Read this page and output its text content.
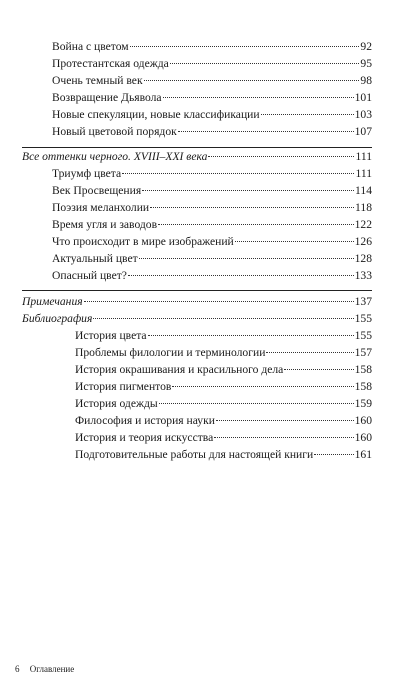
Война с цветом	92
Протестантская одежда	95
Очень темный век	98
Возвращение Дьявола	101
Новые спекуляции, новые классификации	103
Новый цветовой порядок	107
Все оттенки черного. XVIII–XXI века	111
Триумф цвета	111
Век Просвещения	114
Поэзия меланхолии	118
Время угля и заводов	122
Что происходит в мире изображений	126
Актуальный цвет	128
Опасный цвет?	133
Примечания	137
Библиография	155
История цвета	155
Проблемы филологии и терминологии	157
История окрашивания и красильного дела	158
История пигментов	158
История одежды	159
Философия и история науки	160
История и теория искусства	160
Подготовительные работы для настоящей книги	161
6 Оглавление
